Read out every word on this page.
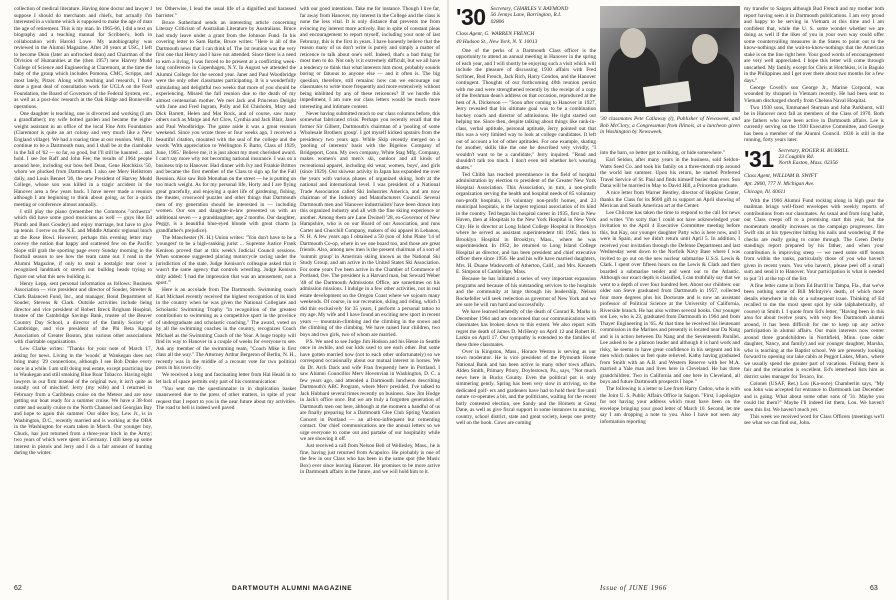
collection of medical literature. Having done doctor and lawyer I suppose I should do merchants and chiefs, but actually I'm interested in a volume which is supposed to make the age of man the age of retirement. This is my man. In 1965-66, I did a text on biography and a teaching manual for Scribner's, both in collaboration with Harold Lowe. My autobiography was reviewed in the Alumni Magazine. After 20 years at USC, I left to become Dean (later an unfrocked dean) and Chairman of the Division of Humanities at the (then 1957) new Harvey Mudd College of Science and Engineering at Claremont, at the time the baby of the group which includes Pomona, CMC, Scripps, and most lately, Pitzer. Along with teaching and research, I have done a great deal of consultation work for UCLA on the Ford Foundation, the Board of Governors of the Federal System, etc., as well as a post-doc research at the Oak Ridge and Bonneville operations.

One daughter is teaching, one is divorced and working (I am a grandfather); my wife bolted garden and became the eight-weight assistant in an office of the local Fine Arts Foundation (Claremont is quite an art colony and very much like a New England village). We had a roaring time at our reunion. Well, I'll continue to be a Dartmouth man, and I shall be at the clambake in the fall of '62 — so far, so good, but I'll still be haunted ... and hold. I see Joe Raff and John Fee; the results of 1964 people around here, including our boss bell Dean, Gene Hotchkiss '50, whom we plucked from Dartmouth. I also see Merv Hellstrom daily, and Louis Bennet '36, the new President of Harvey Mudd College, whose son was killed in a tragic accident in the Hanover area a few years back. I have never made a reunion although I am beginning to think about going, as for a quick meeting or conference almost annually.

I still play the piano (remember the Commons "orchestra" which did have some good musicians as well — guys like Ed Plumb and Russ Goudey) and enjoy marriage, but have to give up tennis. I serve on the N.E. and Middle Atlantic regional lunch at the Rose Bowl. However, perhaps this evening letter may convey the notion that happy and scattered few on the Pacific Slope still grab the sporting page every Sunday morning in the football season to see how the team came out. I read in the Alumni Magazine, if only to steal a nostalgic tear over a recognized landmark or stretch our bulldog heads trying to figure out what this new building is.

Henry Lepp, sent personal information as follows: Business Association — vice president and director of Souder, Streeter & Clark Balanced Fund, Inc., and manager, Bond Department of Souder, Stevens & Clark. Outside activities include being director and vice president of Robert Breck Brigham Hospital, trustee of the Cambridge Savings Bank, trustee of the Beaver Country Day School, a director of the family Society of Cambridge, and vice president of the Phi Beta Kappa Association of Greater Boston, plus various other associations with charitable organizations.

Lew Clarke writes: "Thanks for your note of March 17, asking for news. Living in the 'woods' at Waukegan does not bring many '29 connections, although I see Bob Drake every once in a while. I am still doing real estate, except practicing law in Waukegan and still smoking Blue Boar Tobacco. Having eight lawyers in our firm instead of the original two, it isn't quite as usually out of mischief. Jerry (my wife) and I returned in February from a Caribbean cruise on the Meteor and are now getting our boat ready for a summer cruise. We have a 38-foot cutter and usually cruise to the North Channel and Georgian Bay and hope to again this summer. Our older boy, Lew Jr., is in Washington, D.C., recently married and is working at the OBA in the Washington for exam taken in March. Our younger boy, Chuck, has just returned from a three-year hitch in the Army; two years of which were spent in Germany. I still keep up some interest in pistols and Jerry and I do a fair amount of hunting during the winter.

ter. Otherwise, I lead the usual life of a dignified and harassed barrister."

Bruce Sutherland sends an interesting article concerning Literary Criticism of Australian Literature by Australians. Bruce had study leave under a grant from the Johnson Fund. In his covering letter to Sam Barbe, Bruce writes: "Here is all of the Dartmouth news that I can think of. The 1st reunion was the very first one that Henry and I have not attended. Since there is a need to earn a living, I was forced to be present at a conflicting week-long conference in Copenhagen, N.Y. In August we attended the Alumni College for the second year. Janet and Paul Woodbridge were the only other classmates participating. It is a wonderfully stimulating and delightful two weeks that more of you should be experiencing. Missed the fall reunion due to the death of my almost centenarian mother. We met Jack and Princeton Delight with Jane and Fred Ingram, Polly and Ed Chisholm, Mary and Dick Barrett, Helen and Mat Rock, and of course, saw many others such as Marge and Art Clow, Cynthia and Jack Blair, Janet and Paul Woodbridge. The game aside it was a great reunion weekend. Since you wrote three or four weeks ago, I received a beautiful citation, mounted with the seal of the college and the words 'With appreciation to Wellington F. Barto, Class of 1929, June, 1965.' Believe me, it is just about my most cherished award. I can't say more why not becoming national insurance. I was on a business trip to Hanover. Had dinner with Ivy and Frankie Britton and became the first member of the Class to sign up for the Fall Reunion. Also saw Bob Monahan on the street — he is putting on too much weight. As for my personal life, Horty and I are flying great gracefully, and enjoying a quiet life of gardening, fishing, the theater, crossword puzzles and other things that Dartmouth men of my generation should be interested in — including women. Our son and daughter-in-law presented us with an additional seven — a granddaughter, age 2 months. Our daughter, Peggy, is a beautiful blue-eyed blonde with great charm (a grandfather's prejudice).

The Manchester (N. H.) Union writes: "You don't have to be a 'youngest' to be a high-ranking jurist ... Supreme Justice Frank Kenison proved that at this week's Judicial Council sessions. When someone suggested placing motorcycle racing under the jurisdiction of the state, Judge Kenison's colleague asked that it wasn't the same agency that controls wrestling. Judge Kenison drily added: 'I had the impression that was an amusement, not a sport.'"

Here is an accolade from The Dartmouth. Swimming coach Karl Michael recently received the highest recognition of its kind in the country when he was given the National Collegiate and Scholastic Swimming Trophy "in recognition of the greatest contribution to swimming as a competitive sport in the province of undergraduate and scholastic coaching." The award, voted on by all the swimming coaches in the country, recognizes Coach Michael as the Swimming Coach of the Year. A huge trophy will find its way to Hanover in a couple of weeks for everyone to see. Ask any member of the swimming team, "Coach Mike is first class all the way." The Attorney Arthur Bergeron of Berlin, N. H., recently was in the middle of a recount vote for two political posts in his town city.

We received a long and fascinating letter from Hal Heald in to let lack of space permits only part of his communication:

"You sent me the questionnaire in in duplication basket unanswered due to the press of other matters, in spite of your request that I report to you in the near future about my activities. The road to hell is indeed well paved

with our good intentions. Take me for instance. Though I live far, far away from Hanover, my interest in the College and the class is none the less vital. It is only distance that prevents me from evincing my interest more actively. But in spite of constant pleas and encouragement to report myself, including your note of last Februray, this is the first in years. I have honestly believe that the reason many of us don't write is purely and simply a matter of reticence to talk about one's self. Indeed, that's a bad thing for most men to do. Not only is it extremely difficult, but we all have a tendency to think that what interests him most, probably sounds boring or fatuous to anyone else — and it often is. The big question, therefore, still remains: how can we encourage our classmates to write more frequently and more extensively without being inhibited by any of these reticences? If we hurdle this impediment, I am sure our class letters would be much more interesting and intimate content.

Never having submitted much to our class columns before, this somewhat fabricated crisis. Perhaps you recently recall that the former Sir Gilbert, Dartmouth's chairman of a 'pooling of some Wholesale Brothers group'. I got myself kicked upstairs from the presidency two years ago. While Skip recently merged on a 'pooling of interests' basis with the Bigelow Company of Bridgeport, Conn. My own company, White Stag Mfg. Company, makes women's and men's ski, outdoor and all kinds of recreational apparel, including ski wear, women, boys', and girls (since 1929). Our skiwear activity in Japan has expanded me over the years with various phases of organized skiing, both at the national and international level. I was president of a National Trade Association called Ski Industries America, and am now chairman of the Industry and Manufacturers Council. Several Dartmouth men and 'Hanover industrialists' have been drawn into this organized industry and all with the fine skiing experience or another. Among them are Lane Dwinell '28, ex-Governor of New Hampshire, who is on our Board of our Association, and runs Carter and Churchill Company, makers of ski apparel in Lebanon, N. H. A few years ago I obtained a 50 (son of John Plane '14 of Dartmouth Co-op, where in we one board too, and those are great friends. Also, among new men is the present chairman of a sort of 'summit group' in American skiing known as the National Ski Study Group, and am active in the United States Ski Association. For some years I've been active in the Chamber of Commerce of Portland, Ore. The president is a Harvard man, but Seward Weber '48 of the Dartmouth Admissions Office, are sometimes on his admission missions. I indulge in a few other activities, not in real estate development on the Oregon Coast where we sojourn many weekends. Of course, in our recreation, skiing and riding, which I did this exclusively for 35 years, I perform a personal tattoo to my age. My wife and I have found an exciting new sport in recent years — mountain-climbing and the climbing in the snows and the climbing of the climbing. We have raised four children, two boys and two girls, two of whom are married.

P.S. We used to see Judge Jim Hodson and his Hesse in Seattle once in awhile, and our kids used to see each other. But some have gotten married now (not to each other unfortunately) so we correspond occasionally about our mutual interest in horses. We do Dr. Arch Dack and wife Fran frequently here in Portland. I saw Alumni Councillor Merv Hovenvian in Washington, D. C. a few years ago, and attended a Dartmouth luncheon describing Dartmouth's ABC Program, where Merv presided. I've talked to Jack Hubbard several times recently on business. Saw Jim Hodge in Jack's office once. But we are truly a forgotten generation of Dartmouth men out here, although at the moment a handful of us are finally preparing for a Dartmouth Glee Club Spring Vacation Concert in Portland — an all-too-infrequent but cementing contact. Our chief communications are the annual letters so we urge everyone to come out and partake of our hospitality while we are showing it off.

Just received a call from Nelson Bell of Wellesley, Mass., he is fine, having just returned from Acapulco. He probably is one of the few in our Class who has been in the same spot (the Music Box) ever since leaving Hanover. He promises to be more active in Dartmouth affairs in the future, and we will hold him to it.

62	DARTMOUTH ALUMNI MAGAZINE
'30 Secretary, CHARLES V. RAYMOND
56 Jennys Lane, Barrington, R.I.
02806
Class Agent, G. WARREN FRENCH
40 Hudson St., New York, N. Y. 10013

One of the perks of a Dartmouth Class officer is the opportunity to attend an annual meeting in Hanover in the spring of each year, and I will shortly be enjoying such a visit which will include the pleasure of discussing 1930 affairs with Fred Scribner, Bud French, Jack Rich, Harry Condon, and the Hanover contingent. Thoughts of our forthcoming 40th reunion persist with me and were strengthened recently by the receipt of a copy of the freshman dean's address on that occasion, reproduced at the best of A. Dickerson — "Soon after coming to Hanover in 1927, Jerry revealed that his ultimate goal was to be a combination hockey coach and director of admissions. He right started out helping me. Since then, despite talking about things like rank-in-class, verbal aptitude, personal aptitude, Jerry pointed out that this was a very limited way to look at college candidates. It left out of account a lot of other aptitudes. For one example, skating for another, skills like the one he described very vividly, "I wouldn't want to be a candidate," Jerry inquired. "Read and shouldn't talk too much. I don't even tell whether he's wearing skates."

Ted Chibb has reached preeminence in the field of hospital administration by election to president of the Greater New York Hospital Association. This Association, in turn, a non-profit organization serving the health and hospital needs of 85 voluntary non-profit hospitals, 16 voluntary non-profit homes, and 23 municipal hospitals, is the largest regional association of its kind in the country. Ted began his hospital career in 1935, first in New Haven, then at Hospitals to the New York Hospital in New York City. He is director at Long Island College Hospital in Brooklyn where he served as assistant superintendent till 1945; then to Brooklyn Hospital in Brooklyn, Mass., where he was superintendent. In 1952, he returned to Long Island College Hospital as director, and has been president and chief executive officer there since 1956. He and his wife have married daughters, Mrs. H. Duane Wadsworth of Atherton, Calif., and Mrs. Kenneth E. Simpson of Cambridge, Mass.

Because he has initiated a series of very important expansion programs and because of his outstanding services to the hospitals and the community at large through his leadership, Nelson Rockefeller will seek reelection as governor of New York and we are sure he will run hard and successfully.

We have learned belatedly of the death of Conrad R. Marks in December 1964 and are concerned that our communications with classmates has broken down to this extent. We also report with regret the death of James D. McHenry on April 12 and Robert H. Larkin on April 17. Our sympathy is extended to the families of these three classmates.

Over in Kingston, Mass., Horace Weston is serving as our town moderator. He is vice president of the Plymouth Home National Bank and has been active in many other town affairs. Alden Smith, Primary Priory, Doylestown, Pa., says, "Not much news here in Bucks County. Even the political pot is only simmering gently. Spring has been very slow in arriving, so the dedicated golf- ers and gardeners have had to hold their fire until nature co-operates a bit, and the politicians, waiting for the recent hotly contested election, see Sandy and the Hornets at Great Dane, as well as give fiscal support in some instances to nursing, country, school district, state and great society, keeps one pretty well on the hook. Cows are coming

'30 classmates Pete Callaway (l), Publisher of Newsweek, and Bob McClory, a Congressman from Illinois, at a luncheon given in Washington by Newsweek.

into the barn, so better get to milking, or hide somewhere."

Earl Seldon, after many years in the business, sold Seldon-Watts Seed Co. and took his family on a three-month trip around the world last summer. Upon his return, he started Preferred Travel Service of St. Paul and finds himself busier than ever. Son Dana will be married in May to David Hill, a Princeton graduate.

A nice letter from Warner Bentley, director of Hopkins Center, thanks the Class for its $600 gift to support an April showing of Mexican and South American art at the Center.

Lee Chilcote has taken the time to respond to the call for news and writes "I'm sorry that I could not have acknowledged your invitation to the April 4 Executive Committee meeting before this, but Kay, our younger daughter Patty who is here now, and I were in Spain, and we didn't return until April 5. In addition, I received your invitation through the Defense Department and last Wednesday went down to the Norfolk Navy Base where I was invited to go out on the new nuclear submarine U.S.S. Lewis & Clark. I spent over fifteen hours on the Lewis & Clark and then boarded a submarine tender and went out to the Atlantic. Although our exact depth is classified, I can truthfully say that we went to a depth of over four hundred feet. About our children: our older son Steve graduated from Dartmouth in 1957, collected four more degrees plus his Doctorate and is now an assistant professor of Political Science at the University of California, Riverside branch. He has also written several books. Our younger son Lee, who is 23, graduated from Dartmouth in 1964 and from Thayer Engineering in '65. At that time he received his lieutenant commission in the Marines and presently is located near Da Nang and is in action between Da Nang and the Seventeenth Parallel. Lee asked to be a platoon leader and although it is hard work and risky, he seems to have great confidence in his sergeant and his men which makes us feel quite relieved. Kathy having graduated from Smith with an A.B. and Western Reserve with her M.A. married a Yale man and lives here in Cleveland. He has three grandchildren. Two in California and one here in Cleveland, all boys and future Dartmouth prospects I hope."

The following is a letter to Lee from Harry Cadoo, who is with the Joint U. S. Public Affairs Office in Saigon. "First, I apologize for not having your address which must have been on the envelope bringing your good letter of March 10. Second, let me say I am dropping a note to you. Also I have not seen any information reporting

my transfer to Saigon although Bud French and my mother both report having seen it in Dartmouth publications. I am very proud and happy to be serving in Vietnam at this time and I am confident that, while the U. S. some wonder whether we are doing as well if the likes of you in your own way could offer some countervailing measures in the States to point out to the know-nothings and the wait-to-know-nothings that the American stake is on the line right here. Your good words of encouragement are very well appreciated. I hope this letter will come through unscathed. My family, except for Chris at Hotchkiss, is in Baguio in the Philippines and I get over there about two months for a few days."

George Covell's son George Jr., Marine Corporal, was wounded by shrapnel in Vietnam recently. He had been sent to Vietnam discharged shortly from Chelsea Naval Hospital.

Two 1930 sons, Emmanuel Sturman and John Parkhurst, will be in Hanover next fall as members of the Class of 1970. Both are fathers who have been active in Dartmouth affairs. Lee is currently serving on the 1930 Executive Committee, and George has been a member of the Alumni Council. 1930 is still in the running, forty years later.

'31 Secretary, ROGER H. BURRILL
23 Coughlin Rd.
North Easton, Mass. 02356
Class Agent, WILLIAM B. SWIFT
Apt. 2800, 777 N. Michigan Ave.
Chicago, Ill. 60611

With the 1966 Alumni Fund rocking along in high gear the mailman brings well-fixed envelopes with weekly reports of contributions from our classmates. As usual and from long habit, our Class creeps off to a promising start this year, but the momentum steadily increases as the campaign progresses. Jim Swift sits at his typewriter hitting his nails and wondering if the checks are really going to come through. The Green Derby standings report prepared by his father, and when your contribution is improving steep — we need some stiff boosts from within the ranks, particularly those of you who haven't given in recent years. You who haven't, please peel off a small sum and send it to Hanover. Your participation is what is needed to put '31 at the top of the list.

A fine letter came in from Ed Burrill in Tampa, Fla., that we've been nothing some of Bill McIntyre's death, of which more details elsewhere in this or a subsequent issue. Thinking of Ed recalled to me the most spent spot by side (alphabetically, of course) in Smith I. I quote from Ed's letter, "Having been in this area for about twelve years, with very few Dartmouth alumni around, it has been difficult for me to keep up any active participation in alumni affairs. Our main interests now center around three grandchildren in Northfield, Minn. (one older daughter, Nancy, and family) and our younger daughter, Marsha, who is teaching at the Baptist school. We are presently looking forward to opening our lake cabin at Peggot Lakes, Minn., where we usually spend the greater part of vacations. Fishing there is fair and the relaxation is excellent. Ed's letterhead lists him as district sales manager for Texaco, Inc.

Colonel (USAF, Ret.) Lou (Ka-ooce) Chamberlin says, "My son John was accepted for entrance to Dartmouth last December and is going. What about some other sons of '31. Maybe you could list them?" Maybe I'll indeed list them, Lou. We haven't seen this list. We haven't much yet.

This week we received word for Class Officers (meetings we'll see what we can find out, John.

Issue of JUNE 1966	63
